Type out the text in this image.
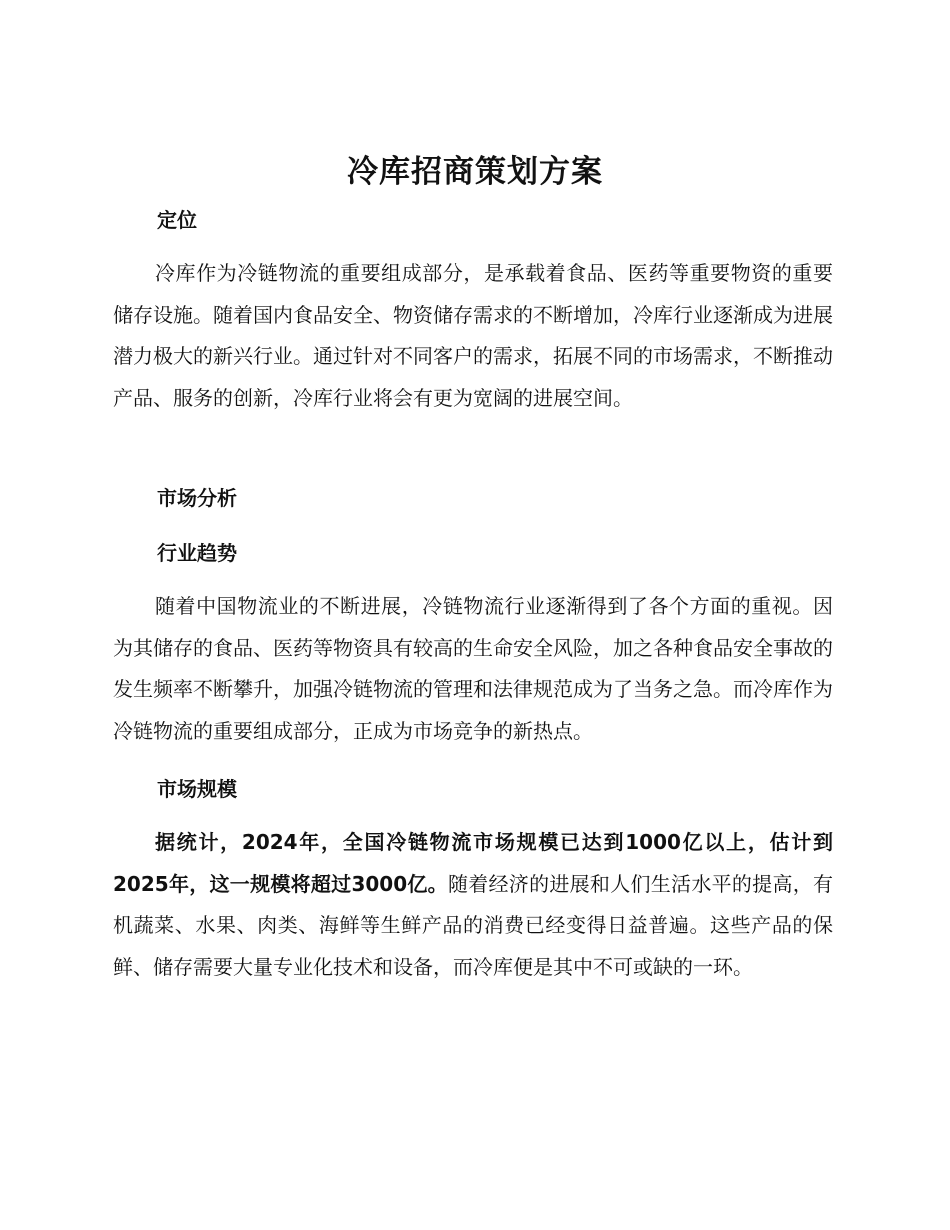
冷库招商策划方案
定位

冷库作为冷链物流的重要组成部分，是承载着食品、医药等重要物资的重要储存设施。随着国内食品安全、物资储存需求的不断增加，冷库行业逐渐成为进展潜力极大的新兴行业。通过针对不同客户的需求，拓展不同的市场需求，不断推动产品、服务的创新，冷库行业将会有更为宽阔的进展空间。

市场分析
行业趋势

随着中国物流业的不断进展，冷链物流行业逐渐得到了各个方面的重视。因为其储存的食品、医药等物资具有较高的生命安全风险，加之各种食品安全事故的发生频率不断攀升，加强冷链物流的管理和法律规范成为了当务之急。而冷库作为冷链物流的重要组成部分，正成为市场竞争的新热点。

市场规模

据统计，2024年，全国冷链物流市场规模已达到1000亿以上，估计到2025年，这一规模将超过3000亿。随着经济的进展和人们生活水平的提高，有机蔬菜、水果、肉类、海鲜等生鲜产品的消费已经变得日益普遍。这些产品的保鲜、储存需要大量专业化技术和设备，而冷库便是其中不可或缺的一环。
